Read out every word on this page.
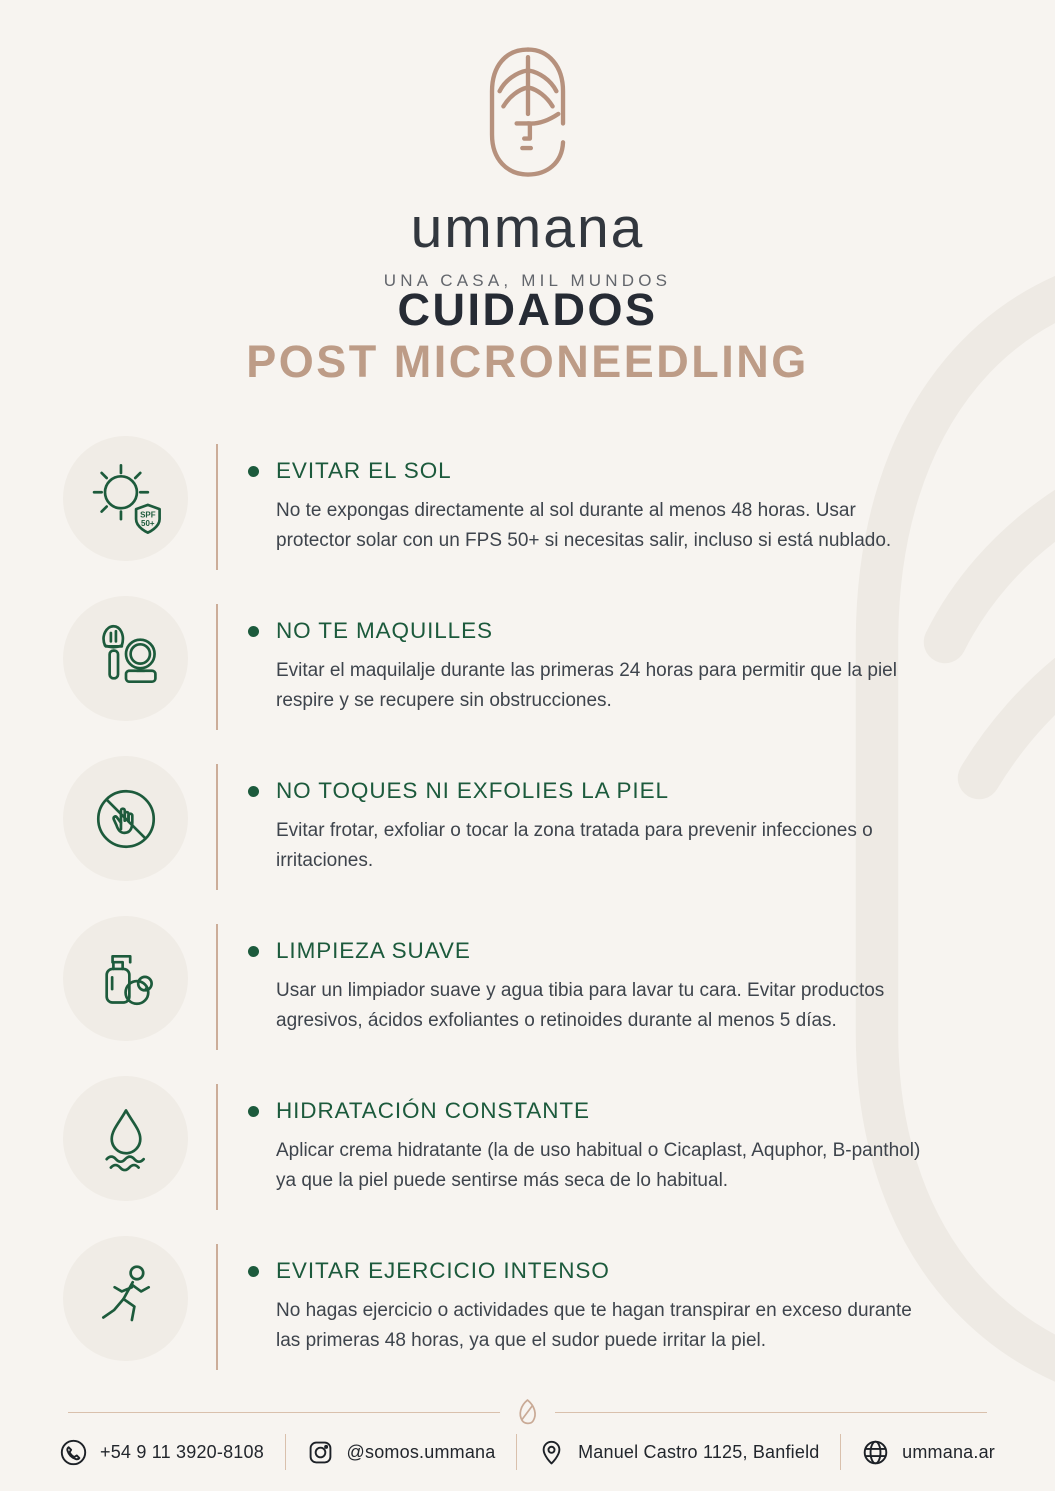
ummana
UNA CASA, MIL MUNDOS
CUIDADOS
POST MICRONEEDLING
SPF
50+
EVITAR EL SOL
No te expongas directamente al sol durante al menos 48 horas. Usar protector solar con un FPS 50+ si necesitas salir, incluso si está nublado.
NO TE MAQUILLES
Evitar el maquilalje durante las primeras 24 horas para permitir que la piel respire y se recupere sin obstrucciones.
NO TOQUES NI EXFOLIES LA PIEL
Evitar frotar, exfoliar o tocar la zona tratada para prevenir infecciones o irritaciones.
LIMPIEZA SUAVE
Usar un limpiador suave y agua tibia para lavar tu cara. Evitar productos agresivos, ácidos exfoliantes o retinoides durante al menos 5 días.
HIDRATACIÓN CONSTANTE
Aplicar crema hidratante (la de uso habitual o Cicaplast, Aquphor, B-panthol) ya que la piel puede sentirse más seca de lo habitual.
EVITAR EJERCICIO INTENSO
No hagas ejercicio o actividades que te hagan transpirar en exceso durante las primeras 48 horas, ya que el sudor puede irritar la piel.
+54 9 11 3920-8108	@somos.ummana	Manuel Castro 1125, Banfield	ummana.ar
